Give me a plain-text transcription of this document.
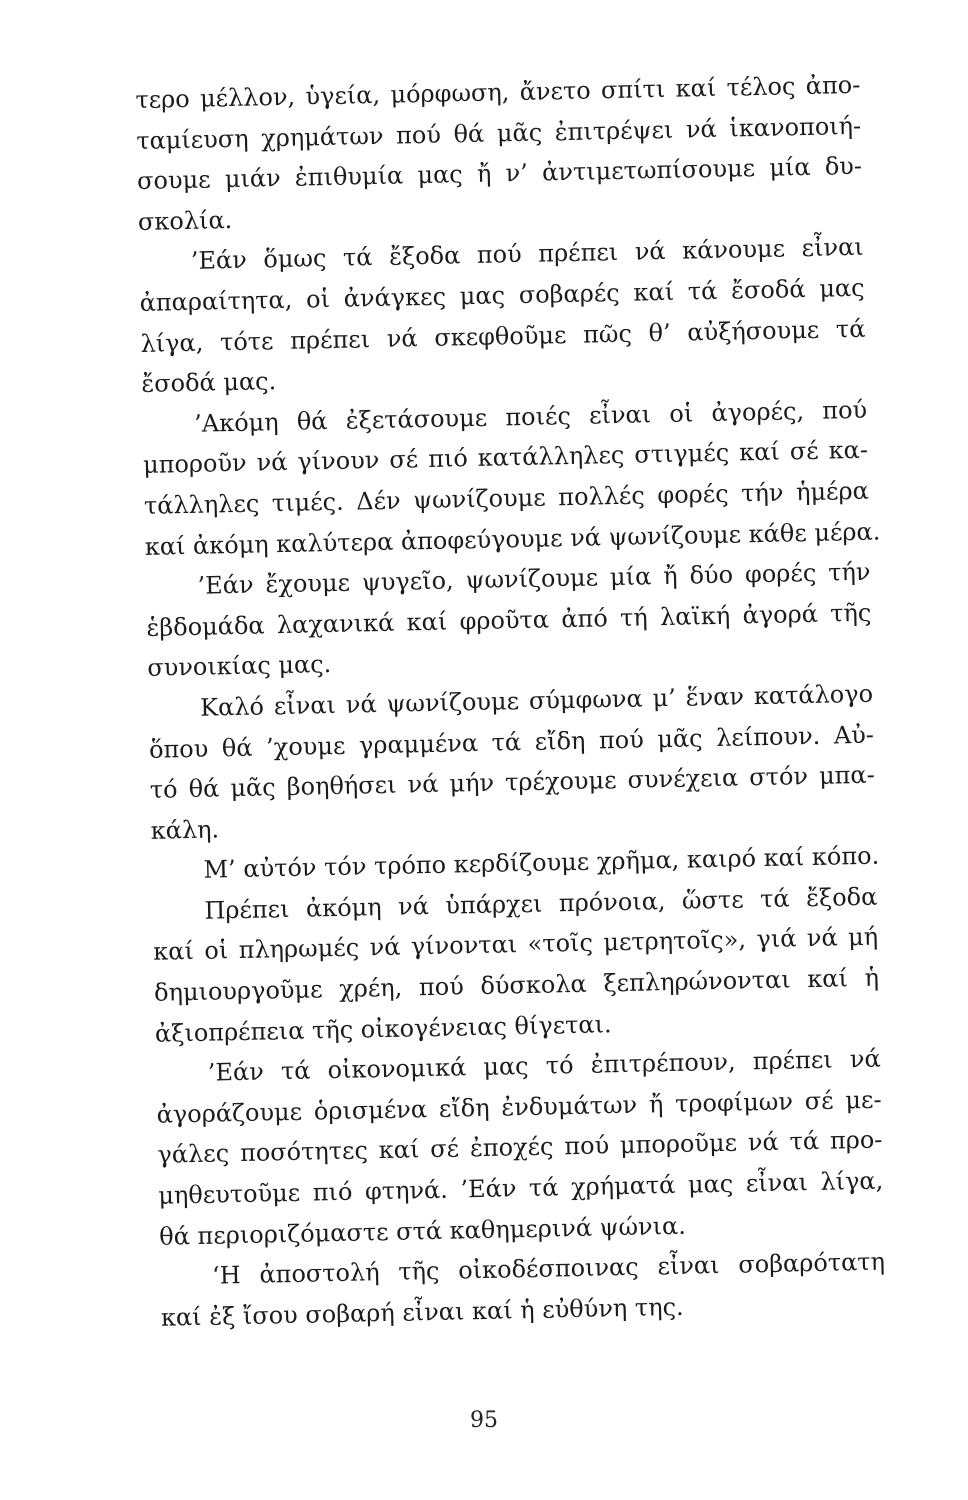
τερο μέλλον, ὑγεία, μόρφωση, ἄνετο σπίτι καί τέλος ἀπο-
ταμίευση χρημάτων πού θά μᾶς ἐπιτρέψει νά ἱκανοποιή-
σουμε μιάν ἐπιθυμία μας ἤ ν’ ἀντιμετωπίσουμε μία δυ-
σκολία.
’Εάν ὅμως τά ἔξοδα πού πρέπει νά κάνουμε εἶναι
ἀπαραίτητα, οἱ ἀνάγκες μας σοβαρές καί τά ἔσοδά μας
λίγα, τότε πρέπει νά σκεφθοῦμε πῶς θ’ αὐξήσουμε τά
ἔσοδά μας.
’Ακόμη θά ἐξετάσουμε ποιές εἶναι οἱ ἀγορές, πού
μποροῦν νά γίνουν σέ πιό κατάλληλες στιγμές καί σέ κα-
τάλληλες τιμές. Δέν ψωνίζουμε πολλές φορές τήν ἡμέρα
καί ἀκόμη καλύτερα ἀποφεύγουμε νά ψωνίζουμε κάθε μέρα.
’Εάν ἔχουμε ψυγεῖο, ψωνίζουμε μία ἤ δύο φορές τήν
ἑβδομάδα λαχανικά καί φροῦτα ἀπό τή λαϊκή ἀγορά τῆς
συνοικίας μας.
Καλό εἶναι νά ψωνίζουμε σύμφωνα μ’ ἕναν κατάλογο
ὅπου θά ’χουμε γραμμένα τά εἴδη πού μᾶς λείπουν. Αὐ-
τό θά μᾶς βοηθήσει νά μήν τρέχουμε συνέχεια στόν μπα-
κάλη.
Μ’ αὐτόν τόν τρόπο κερδίζουμε χρῆμα, καιρό καί κόπο.
Πρέπει ἀκόμη νά ὑπάρχει πρόνοια, ὥστε τά ἔξοδα
καί οἱ πληρωμές νά γίνονται «τοῖς μετρητοῖς», γιά νά μή
δημιουργοῦμε χρέη, πού δύσκολα ξεπληρώνονται καί ἡ
ἀξιοπρέπεια τῆς οἰκογένειας θίγεται.
’Εάν τά οἰκονομικά μας τό ἐπιτρέπουν, πρέπει νά
ἀγοράζουμε ὁρισμένα εἴδη ἐνδυμάτων ἤ τροφίμων σέ με-
γάλες ποσότητες καί σέ ἐποχές πού μποροῦμε νά τά προ-
μηθευτοῦμε πιό φτηνά. ’Εάν τά χρήματά μας εἶναι λίγα,
θά περιοριζόμαστε στά καθημερινά ψώνια.
‘Η ἀποστολή τῆς οἰκοδέσποινας εἶναι σοβαρότατη
καί ἐξ ἴσου σοβαρή εἶναι καί ἡ εὐθύνη της.
95
